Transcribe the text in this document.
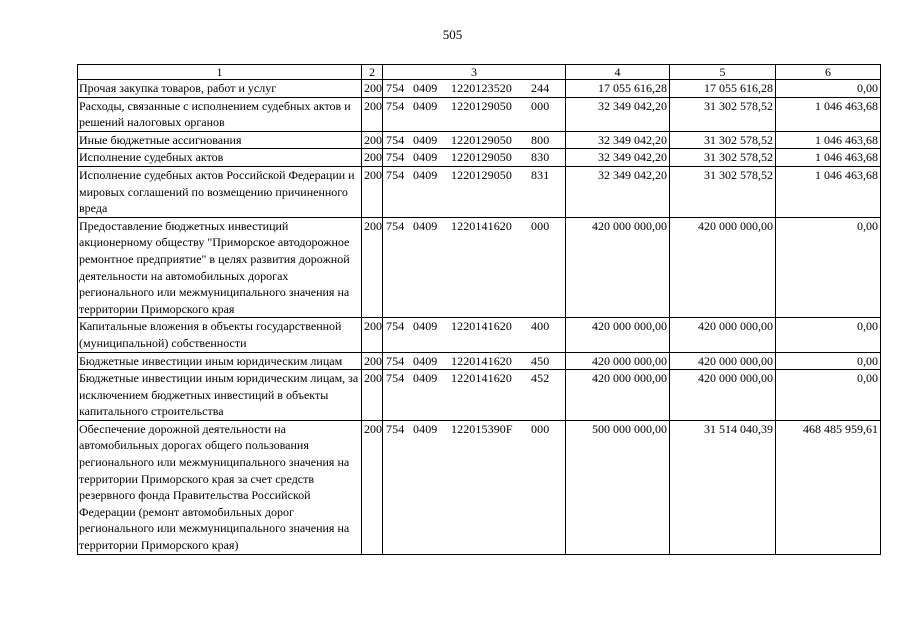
505
1	2	3	4	5	6
Прочая закупка товаров, работ и услуг	200	754 0409 1220123520 244	17 055 616,28	17 055 616,28	0,00
Расходы, связанные с исполнением судебных актов и решений налоговых органов	200	754 0409 1220129050 000	32 349 042,20	31 302 578,52	1 046 463,68
Иные бюджетные ассигнования	200	754 0409 1220129050 800	32 349 042,20	31 302 578,52	1 046 463,68
Исполнение судебных актов	200	754 0409 1220129050 830	32 349 042,20	31 302 578,52	1 046 463,68
Исполнение судебных актов Российской Федерации и мировых соглашений по возмещению причиненного вреда	200	754 0409 1220129050 831	32 349 042,20	31 302 578,52	1 046 463,68
Предоставление бюджетных инвестиций акционерному обществу "Приморское автодорожное ремонтное предприятие" в целях развития дорожной деятельности на автомобильных дорогах регионального или межмуниципального значения на территории Приморского края	200	754 0409 1220141620 000	420 000 000,00	420 000 000,00	0,00
Капитальные вложения в объекты государственной (муниципальной) собственности	200	754 0409 1220141620 400	420 000 000,00	420 000 000,00	0,00
Бюджетные инвестиции иным юридическим лицам	200	754 0409 1220141620 450	420 000 000,00	420 000 000,00	0,00
Бюджетные инвестиции иным юридическим лицам, за исключением бюджетных инвестиций в объекты капитального строительства	200	754 0409 1220141620 452	420 000 000,00	420 000 000,00	0,00
Обеспечение дорожной деятельности на автомобильных дорогах общего пользования регионального или межмуниципального значения на территории Приморского края за счет средств резервного фонда Правительства Российской Федерации (ремонт автомобильных дорог регионального или межмуниципального значения на территории Приморского края)	200	754 0409 122015390F 000	500 000 000,00	31 514 040,39	468 485 959,61
